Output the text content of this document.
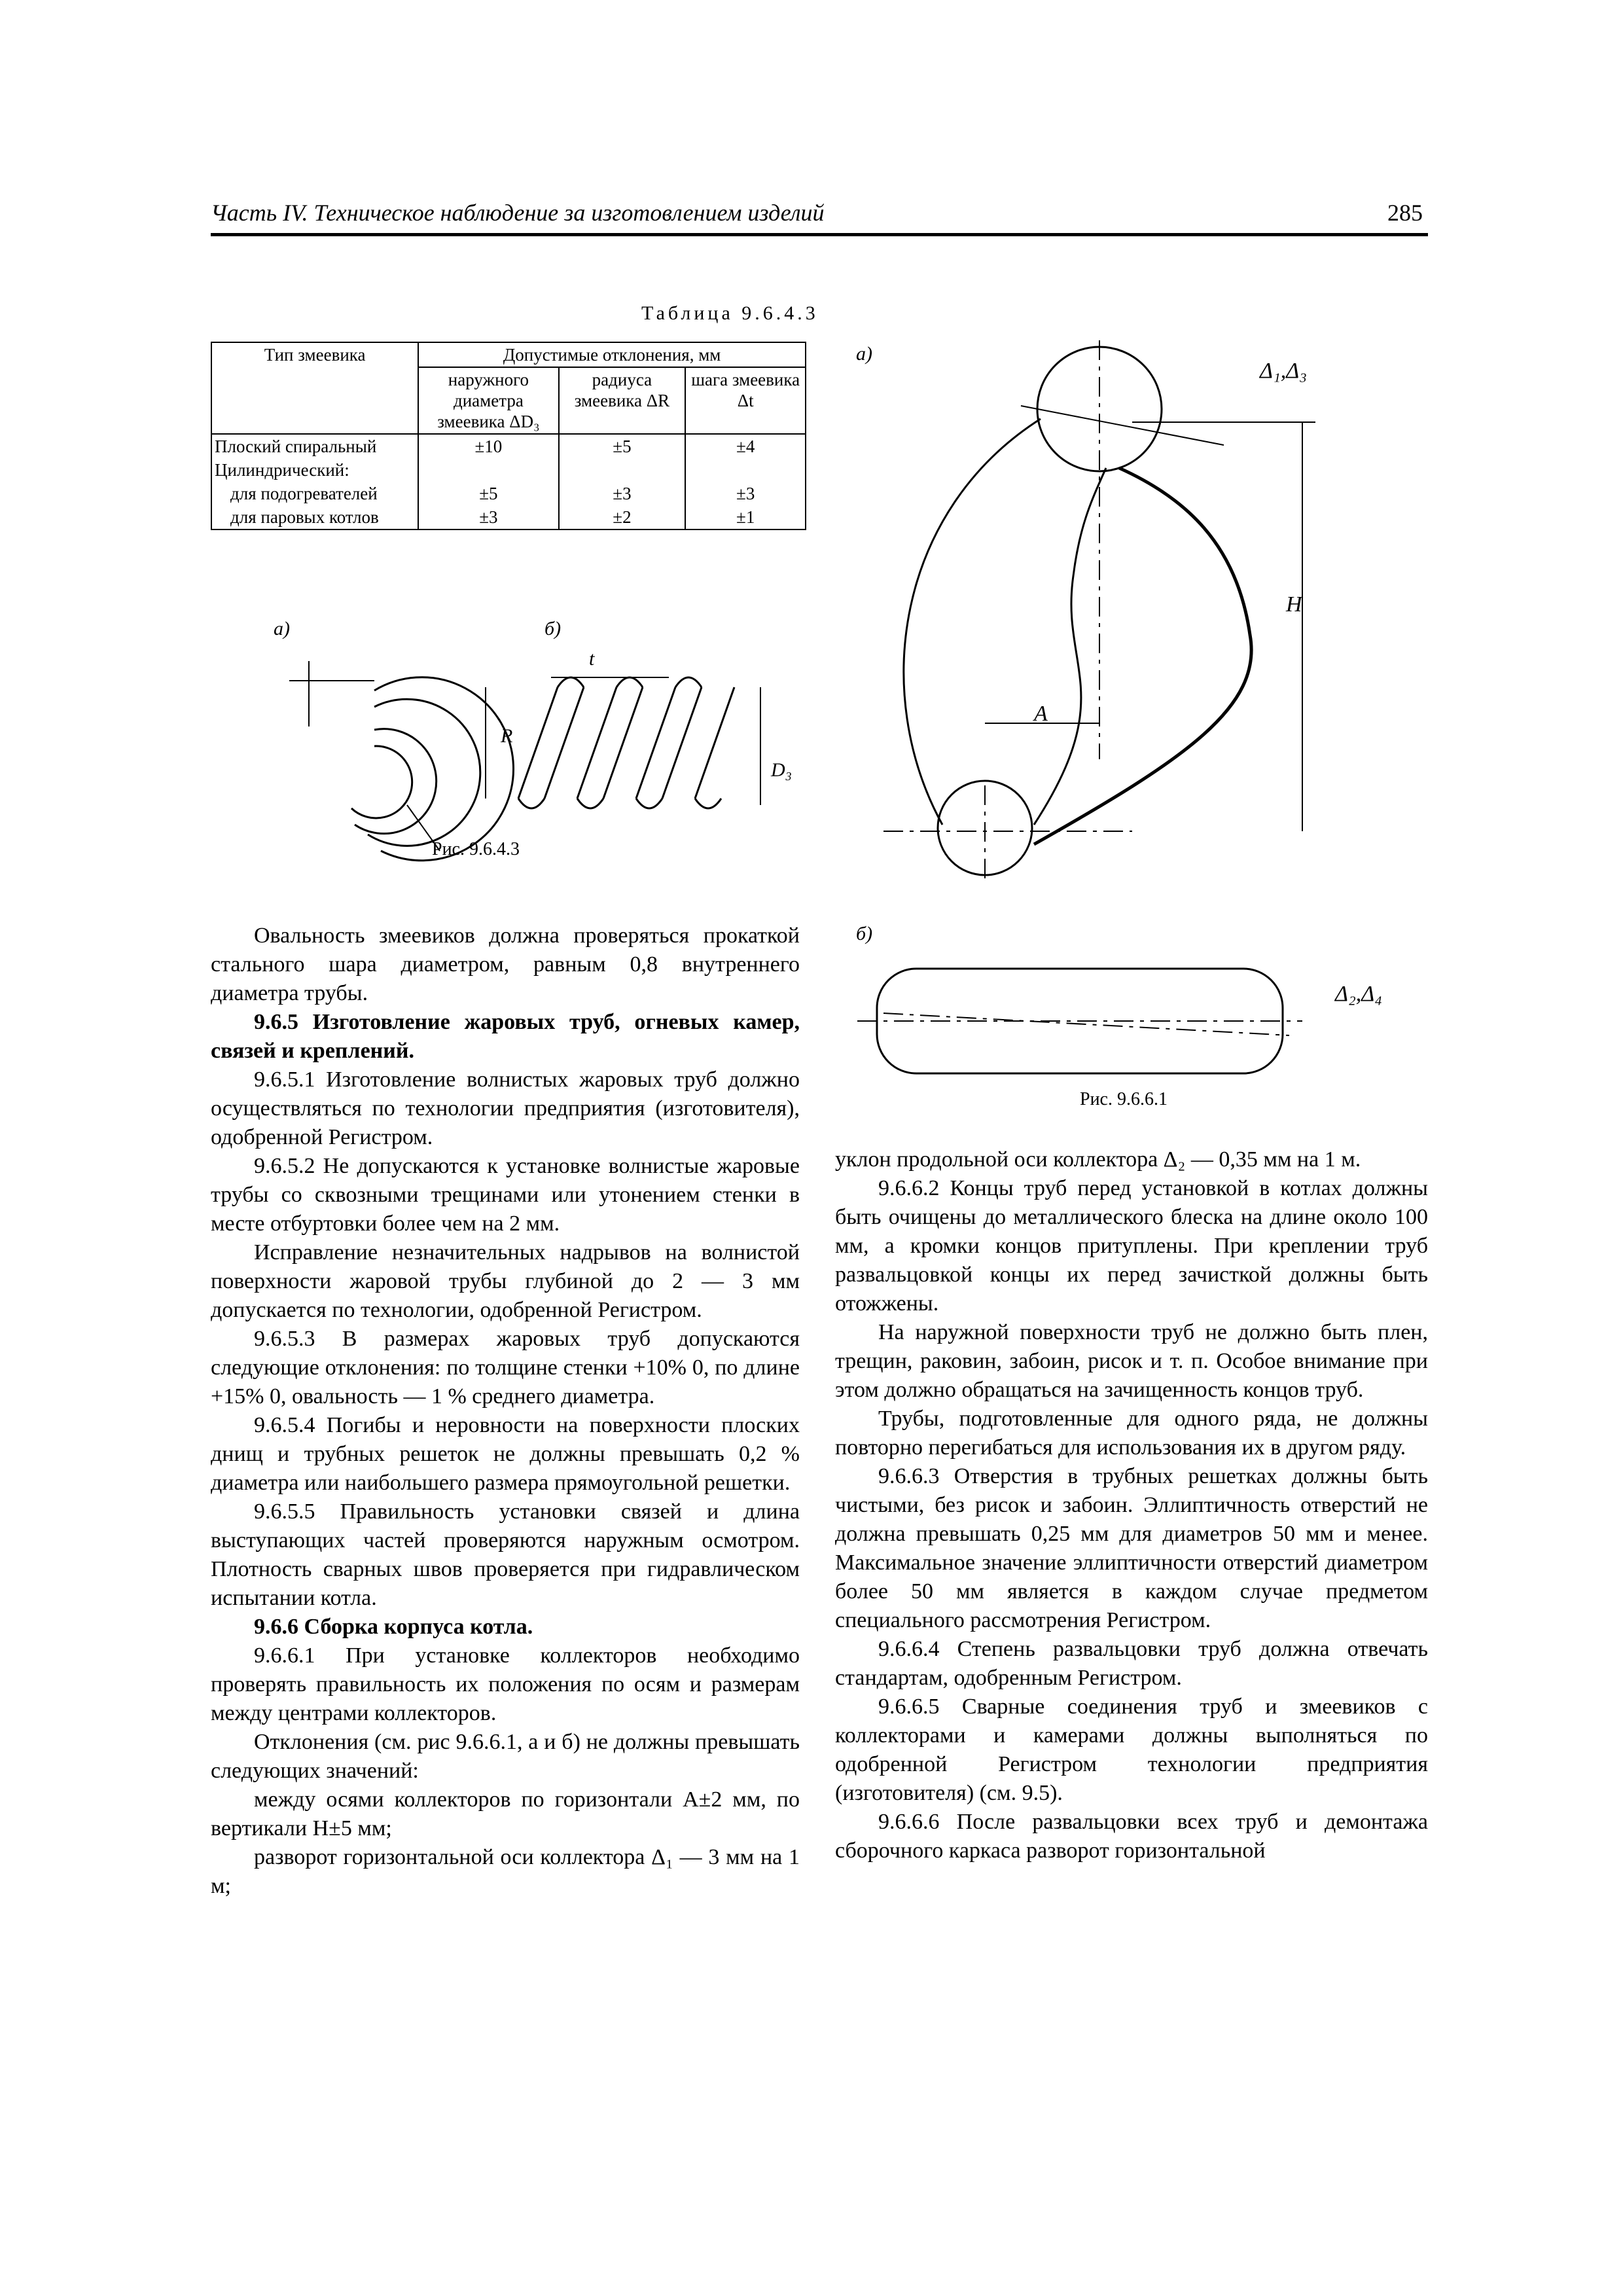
Часть IV. Техническое наблюдение за изготовлением изделий	285
Таблица 9.6.4.3
Тип змеевика	Допустимые отклонения, мм		
	наружного диаметра змеевика ΔD₃	радиуса змеевика ΔR	шага змеевика Δt
Плоский спиральный	±10	±5	±4
Цилиндрический:			
для подогревателей	±5	±3	±3
для паровых котлов	±3	±2	±1
а)	б)
t
R
D₃
Рис. 9.6.4.3
а)
Δ₁,Δ₃
H
A
б)
Δ₂,Δ₄
Рис. 9.6.6.1

Овальность змеевиков должна проверяться прокаткой стального шара диаметром, равным 0,8 внутреннего диаметра трубы.

9.6.5 Изготовление жаровых труб, огневых камер, связей и креплений.

9.6.5.1 Изготовление волнистых жаровых труб должно осуществляться по технологии предприятия (изготовителя), одобренной Регистром.

9.6.5.2 Не допускаются к установке волнистые жаровые трубы со сквозными трещинами или утонением стенки в месте отбуртовки более чем на 2 мм.

Исправление незначительных надрывов на волнистой поверхности жаровой трубы глубиной до 2 — 3 мм допускается по технологии, одобренной Регистром.

9.6.5.3 В размерах жаровых труб допускаются следующие отклонения: по толщине стенки +10% 0, по длине +15% 0, овальность — 1 % среднего диаметра.

9.6.5.4 Погибы и неровности на поверхности плоских днищ и трубных решеток не должны превышать 0,2 % диаметра или наибольшего размера прямоугольной решетки.

9.6.5.5 Правильность установки связей и длина выступающих частей проверяются наружным осмотром. Плотность сварных швов проверяется при гидравлическом испытании котла.

9.6.6 Сборка корпуса котла.

9.6.6.1 При установке коллекторов необходимо проверять правильность их положения по осям и размерам между центрами коллекторов.

Отклонения (см. рис 9.6.6.1, а и б) не должны превышать следующих значений:

между осями коллекторов по горизонтали A±2 мм, по вертикали H±5 мм;

разворот горизонтальной оси коллектора Δ₁ — 3 мм на 1 м;

уклон продольной оси коллектора Δ₂ — 0,35 мм на 1 м.

9.6.6.2 Концы труб перед установкой в котлах должны быть очищены до металлического блеска на длине около 100 мм, а кромки концов притуплены. При креплении труб развальцовкой концы их перед зачисткой должны быть отожжены.

На наружной поверхности труб не должно быть плен, трещин, раковин, забоин, рисок и т. п. Особое внимание при этом должно обращаться на зачищенность концов труб.

Трубы, подготовленные для одного ряда, не должны повторно перегибаться для использования их в другом ряду.

9.6.6.3 Отверстия в трубных решетках должны быть чистыми, без рисок и забоин. Эллиптичность отверстий не должна превышать 0,25 мм для диаметров 50 мм и менее. Максимальное значение эллиптичности отверстий диаметром более 50 мм является в каждом случае предметом специального рассмотрения Регистром.

9.6.6.4 Степень развальцовки труб должна отвечать стандартам, одобренным Регистром.

9.6.6.5 Сварные соединения труб и змеевиков с коллекторами и камерами должны выполняться по одобренной Регистром технологии предприятия (изготовителя) (см. 9.5).

9.6.6.6 После развальцовки всех труб и демонтажа сборочного каркаса разворот горизонтальной
